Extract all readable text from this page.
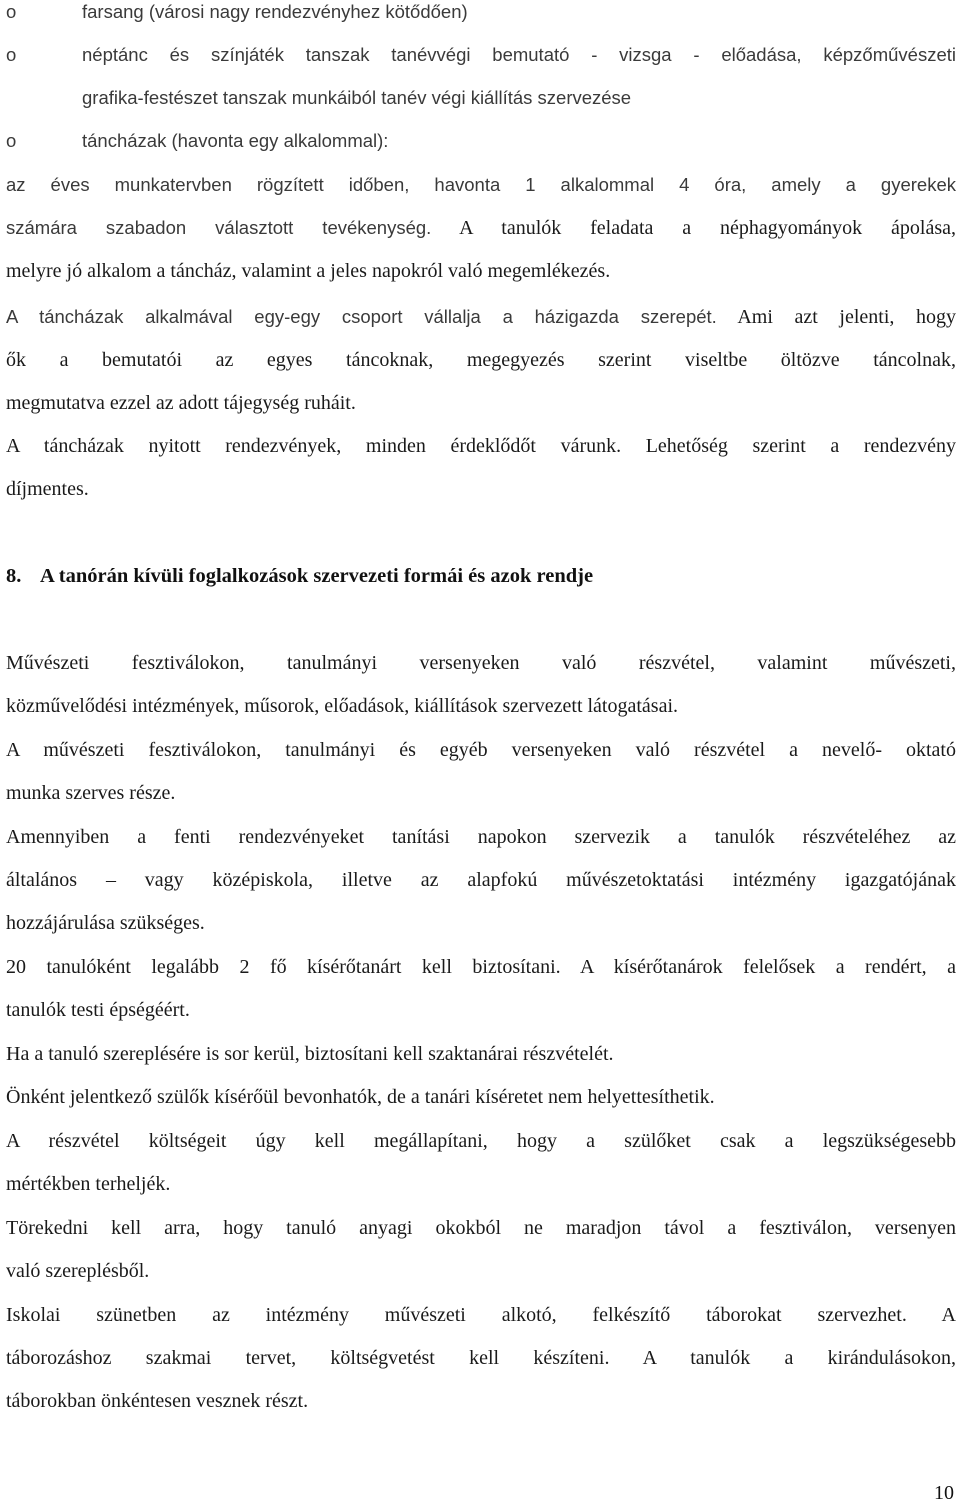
o	farsang (városi nagy rendezvényhez kötődően)
o	néptánc és színjáték tanszak tanévvégi bemutató - vizsga - előadása, képzőművészeti
grafika-festészet tanszak munkáiból tanév végi kiállítás szervezése
o	táncházak (havonta egy alkalommal):
az éves munkatervben rögzített időben, havonta 1 alkalommal 4 óra, amely a gyerekek
számára szabadon választott tevékenység. A tanulók feladata a néphagyományok ápolása,
melyre jó alkalom a táncház, valamint a jeles napokról való megemlékezés.
A táncházak alkalmával egy-egy csoport vállalja a házigazda szerepét. Ami azt jelenti, hogy
ők a bemutatói az egyes táncoknak, megegyezés szerint viseltbe öltözve táncolnak,
megmutatva ezzel az adott tájegység ruháit.
A táncházak nyitott rendezvények, minden érdeklődőt várunk. Lehetőség szerint a rendezvény
díjmentes.
8. A tanórán kívüli foglalkozások szervezeti formái és azok rendje
Művészeti fesztiválokon, tanulmányi versenyeken való részvétel, valamint művészeti,
közművelődési intézmények, műsorok, előadások, kiállítások szervezett látogatásai.
A művészeti fesztiválokon, tanulmányi és egyéb versenyeken való részvétel a nevelő- oktató
munka szerves része.
Amennyiben a fenti rendezvényeket tanítási napokon szervezik a tanulók részvételéhez az
általános – vagy középiskola, illetve az alapfokú művészetoktatási intézmény igazgatójának
hozzájárulása szükséges.
20 tanulóként legalább 2 fő kísérőtanárt kell biztosítani. A kísérőtanárok felelősek a rendért, a
tanulók testi épségéért.
Ha a tanuló szereplésére is sor kerül, biztosítani kell szaktanárai részvételét.
Önként jelentkező szülők kísérőül bevonhatók, de a tanári kíséretet nem helyettesíthetik.
A részvétel költségeit úgy kell megállapítani, hogy a szülőket csak a legszükségesebb
mértékben terheljék.
Törekedni kell arra, hogy tanuló anyagi okokból ne maradjon távol a fesztiválon, versenyen
való szereplésből.
Iskolai szünetben az intézmény művészeti alkotó, felkészítő táborokat szervezhet. A
táborozáshoz szakmai tervet, költségvetést kell készíteni. A tanulók a kirándulásokon,
táborokban önkéntesen vesznek részt.
10
